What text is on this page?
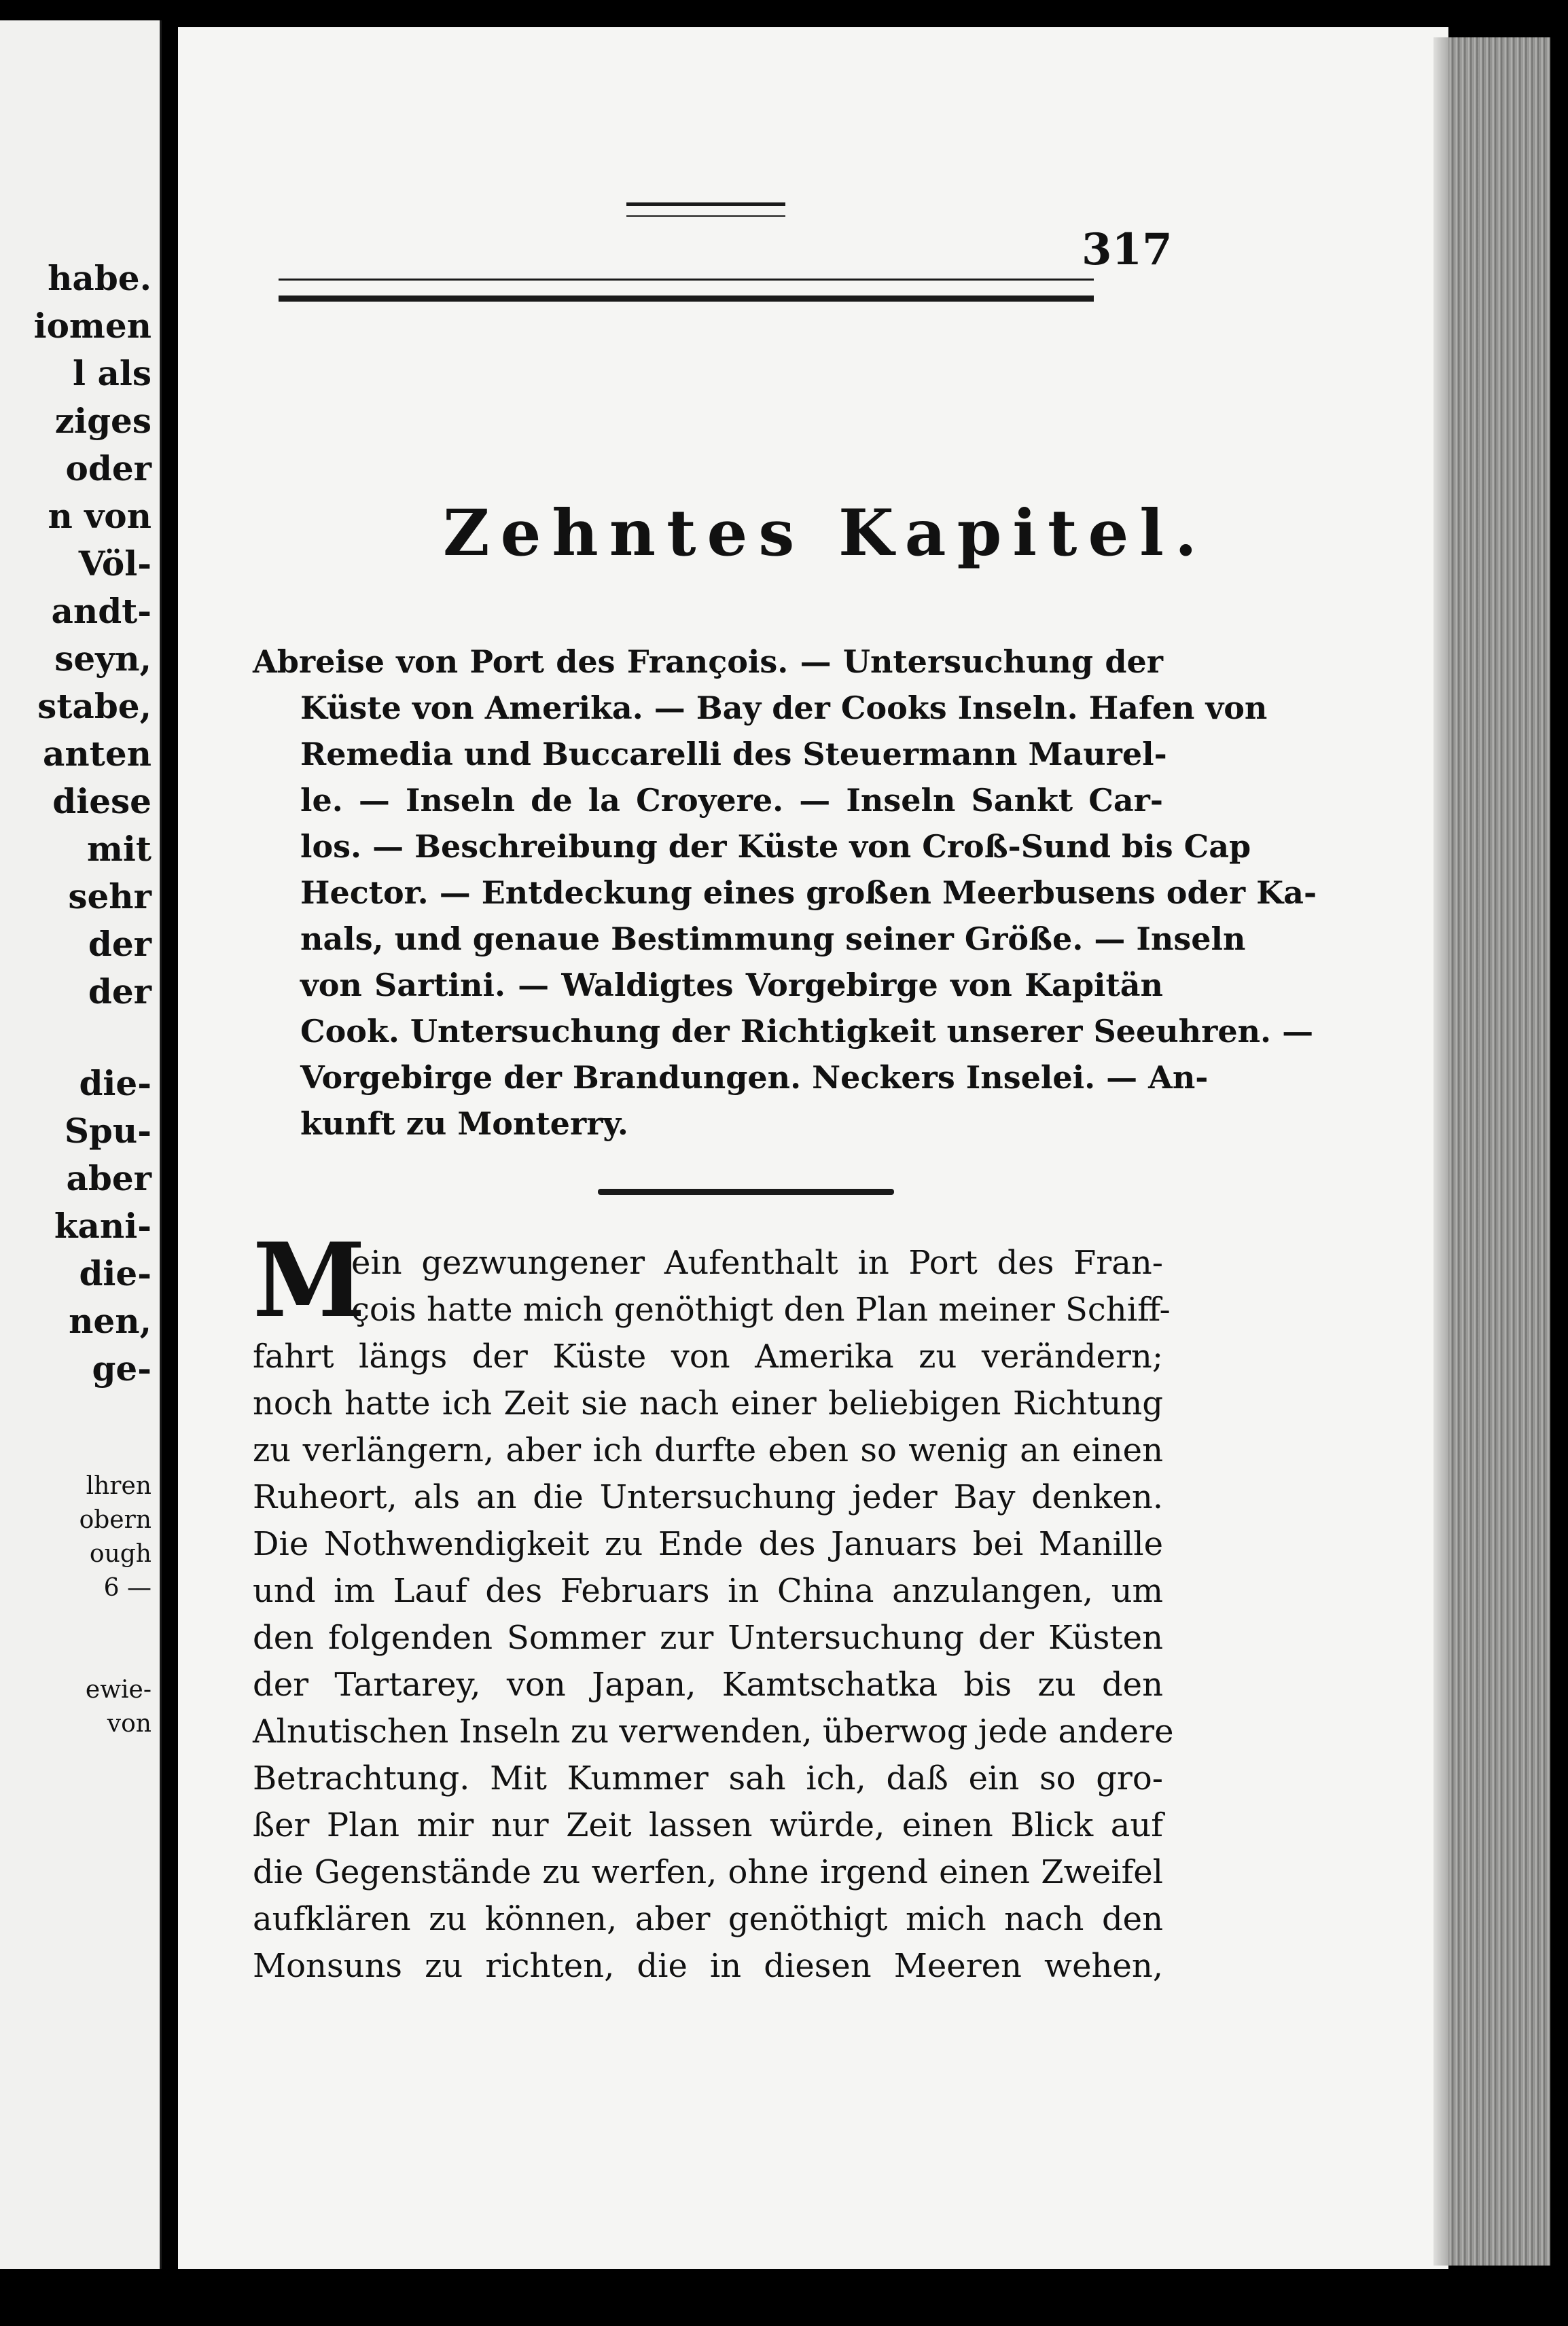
habe.
iomen
l als
ziges
oder
n von
Völ-
andt-
seyn,
stabe,
anten
diese
mit
sehr
der
der
die-
Spu-
aber
kani-
die-
nen,
ge-
lhren
obern
ough
6 —
ewie-
von
317
Zehntes Kapitel.
Abreise von Port des François. — Untersuchung der
Küste von Amerika. — Bay der Cooks Inseln. Hafen von
Remedia und Buccarelli des Steuermann Maurel-
le. — Inseln de la Croyere. — Inseln Sankt Car-
los. — Beschreibung der Küste von Croß-Sund bis Cap
Hector. — Entdeckung eines großen Meerbusens oder Ka-
nals, und genaue Bestimmung seiner Größe. — Inseln
von Sartini. — Waldigtes Vorgebirge von Kapitän
Cook. Untersuchung der Richtigkeit unserer Seeuhren. —
Vorgebirge der Brandungen. Neckers Inselei. — An-
kunft zu Monterry.
M
ein gezwungener Aufenthalt in Port des Fran-
çois hatte mich genöthigt den Plan meiner Schiff-
fahrt längs der Küste von Amerika zu verändern;
noch hatte ich Zeit sie nach einer beliebigen Richtung
zu verlängern, aber ich durfte eben so wenig an einen
Ruheort, als an die Untersuchung jeder Bay denken.
Die Nothwendigkeit zu Ende des Januars bei Manille
und im Lauf des Februars in China anzulangen, um
den folgenden Sommer zur Untersuchung der Küsten
der Tartarey, von Japan, Kamtschatka bis zu den
Alnutischen Inseln zu verwenden, überwog jede andere
Betrachtung. Mit Kummer sah ich, daß ein so gro-
ßer Plan mir nur Zeit lassen würde, einen Blick auf
die Gegenstände zu werfen, ohne irgend einen Zweifel
aufklären zu können, aber genöthigt mich nach den
Monsuns zu richten, die in diesen Meeren wehen,
